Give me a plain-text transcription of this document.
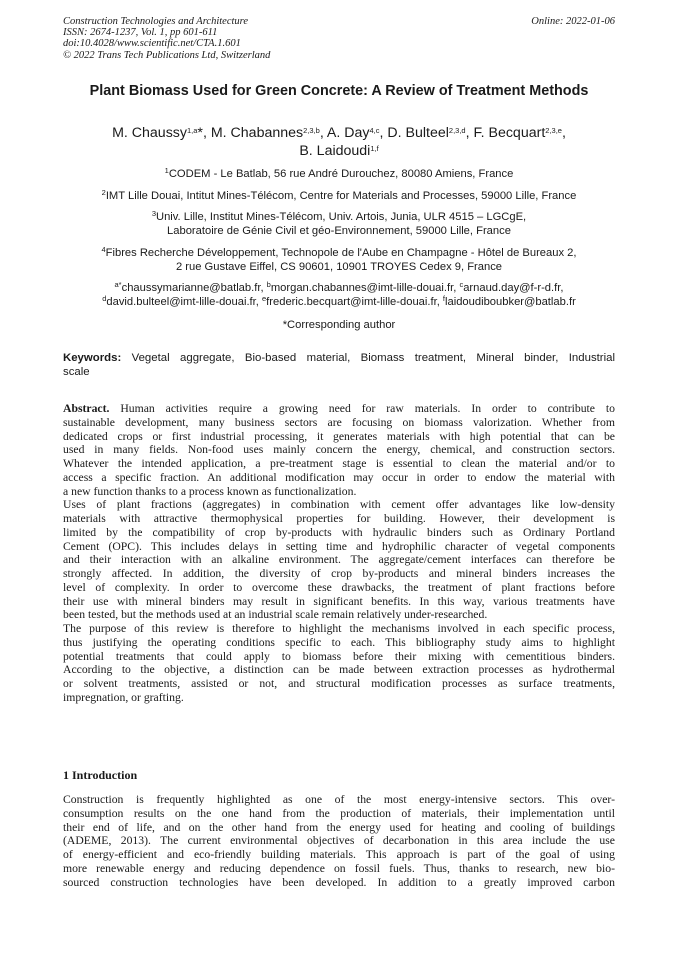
Construction Technologies and Architecture
ISSN: 2674-1237, Vol. 1, pp 601-611
doi:10.4028/www.scientific.net/CTA.1.601
© 2022 Trans Tech Publications Ltd, Switzerland
Online: 2022-01-06
Plant Biomass Used for Green Concrete: A Review of Treatment Methods
M. Chaussy$^{1,a}$*, M. Chabannes$^{2,3,b}$, A. Day$^{4,c}$, D. Bulteel$^{2,3,d}$, F. Becquart$^{2,3,e}$,
B. Laidoudi$^{1,f}$
$^1$CODEM - Le Batlab, 56 rue André Durouchez, 80080 Amiens, France
$^2$IMT Lille Douai, Intitut Mines-Télécom, Centre for Materials and Processes, 59000 Lille, France
$^3$Univ. Lille, Institut Mines-Télécom, Univ. Artois, Junia, ULR 4515 – LGCgE,
Laboratoire de Génie Civil et géo-Environnement, 59000 Lille, France
$^4$Fibres Recherche Développement, Technopole de l'Aube en Champagne - Hôtel de Bureaux 2,
2 rue Gustave Eiffel, CS 90601, 10901 TROYES Cedex 9, France
$^{a*}$chaussymarianne@batlab.fr, $^b$morgan.chabannes@imt-lille-douai.fr, $^c$arnaud.day@f-r-d.fr,
$^d$david.bulteel@imt-lille-douai.fr, $^e$frederic.becquart@imt-lille-douai.fr, $^f$laidoudiboubker@batlab.fr
*Corresponding author
Keywords: Vegetal aggregate, Bio-based material, Biomass treatment, Mineral binder, Industrial
scale
Abstract. Human activities require a growing need for raw materials. In order to contribute to
sustainable development, many business sectors are focusing on biomass valorization. Whether from
dedicated crops or first industrial processing, it generates materials with high potential that can be
used in many fields. Non-food uses mainly concern the energy, chemical, and construction sectors.
Whatever the intended application, a pre-treatment stage is essential to clean the material and/or to
access a specific fraction. An additional modification may occur in order to endow the material with
a new function thanks to a process known as functionalization.
Uses of plant fractions (aggregates) in combination with cement offer advantages like low-density
materials with attractive thermophysical properties for building. However, their development is
limited by the compatibility of crop by-products with hydraulic binders such as Ordinary Portland
Cement (OPC). This includes delays in setting time and hydrophilic character of vegetal components
and their interaction with an alkaline environment. The aggregate/cement interfaces can therefore be
strongly affected. In addition, the diversity of crop by-products and mineral binders increases the
level of complexity. In order to overcome these drawbacks, the treatment of plant fractions before
their use with mineral binders may result in significant benefits. In this way, various treatments have
been tested, but the methods used at an industrial scale remain relatively under-researched.
The purpose of this review is therefore to highlight the mechanisms involved in each specific process,
thus justifying the operating conditions specific to each. This bibliography study aims to highlight
potential treatments that could apply to biomass before their mixing with cementitious binders.
According to the objective, a distinction can be made between extraction processes as hydrothermal
or solvent treatments, assisted or not, and structural modification processes as surface treatments,
impregnation, or grafting.
1 Introduction
Construction is frequently highlighted as one of the most energy-intensive sectors. This over-
consumption results on the one hand from the production of materials, their implementation until
their end of life, and on the other hand from the energy used for heating and cooling of buildings
(ADEME, 2013). The current environmental objectives of decarbonation in this area include the use
of energy-efficient and eco-friendly building materials. This approach is part of the goal of using
more renewable energy and reducing dependence on fossil fuels. Thus, thanks to research, new bio-
sourced construction technologies have been developed. In addition to a greatly improved carbon
